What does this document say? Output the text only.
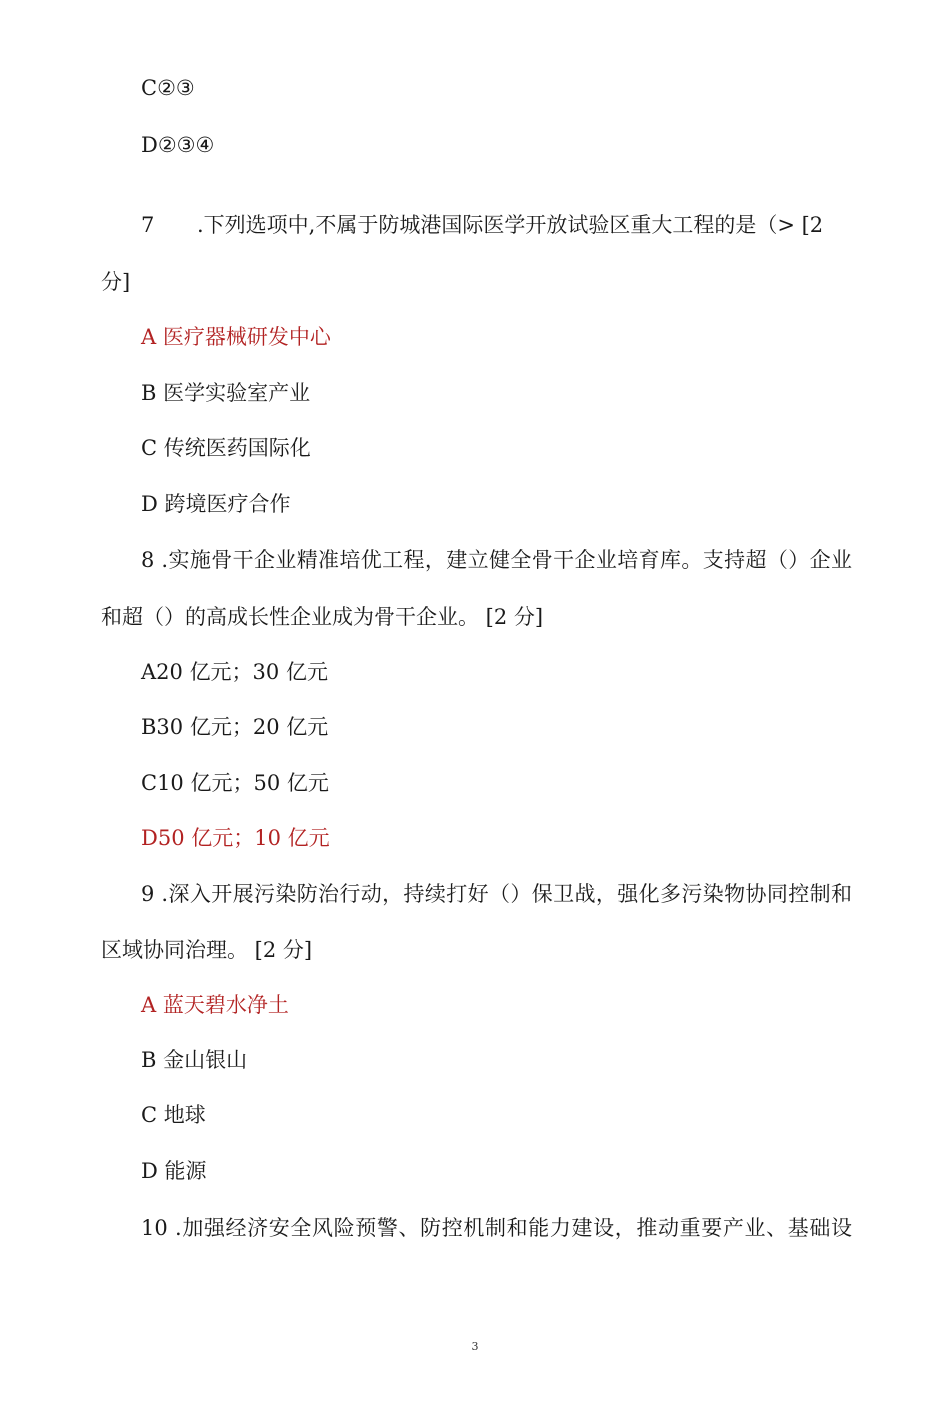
C②③
D②③④
7 .下列选项中,不属于防城港国际医学开放试验区重大工程的是（> [2
分]
A 医疗器械研发中心
B 医学实验室产业
C 传统医药国际化
D 跨境医疗合作
8 .实施骨干企业精准培优工程，建立健全骨干企业培育库。支持超（）企业
和超（）的高成长性企业成为骨干企业。 [2 分]
A20 亿元；30 亿元
B30 亿元；20 亿元
C10 亿元；50 亿元
D50 亿元；10 亿元
9 .深入开展污染防治行动，持续打好（）保卫战，强化多污染物协同控制和
区域协同治理。 [2 分]
A 蓝天碧水净土
B 金山银山
C 地球
D 能源
10 .加强经济安全风险预警、防控机制和能力建设，推动重要产业、基础设
3
